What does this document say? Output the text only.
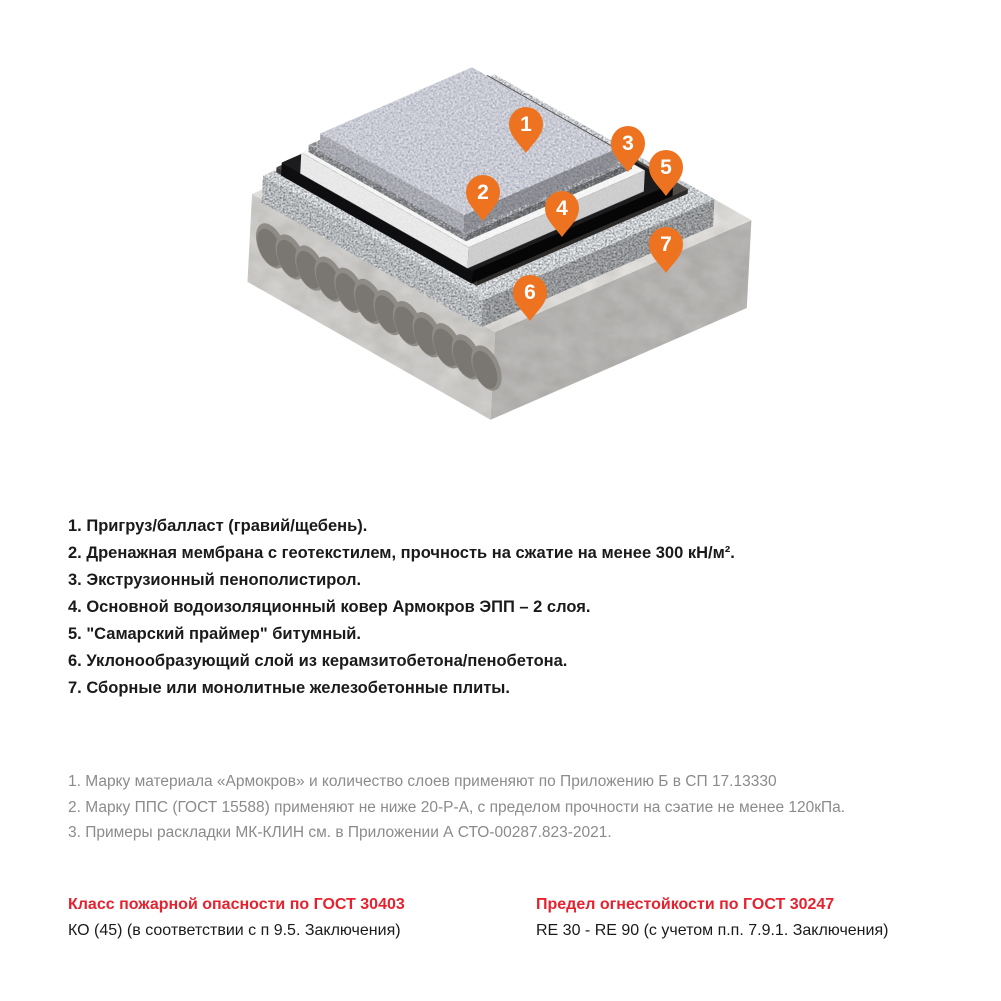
1
2
3
4
5
6
7
1. Пригруз/балласт (гравий/щебень).
2. Дренажная мембрана с геотекстилем, прочность на сжатие на менее 300 кН/м².
3. Экструзионный пенополистирол.
4. Основной водоизоляционный ковер Армокров ЭПП – 2 слоя.
5. "Самарский праймер" битумный.
6. Уклонообразующий слой из керамзитобетона/пенобетона.
7. Сборные или монолитные железобетонные плиты.
1. Марку материала «Армокров» и количество слоев применяют по Приложению Б в СП 17.13330
2. Марку ППС (ГОСТ 15588) применяют не ниже 20-Р-А, с пределом прочности на сэатие не менее 120кПа.
3. Примеры раскладки МК-КЛИН см. в Приложении А СТО-00287.823-2021.
Класс пожарной опасности по ГОСТ 30403
КО (45) (в соответствии с п 9.5. Заключения)
Предел огнестойкости по ГОСТ 30247
RE 30 - RE 90 (с учетом п.п. 7.9.1. Заключения)
